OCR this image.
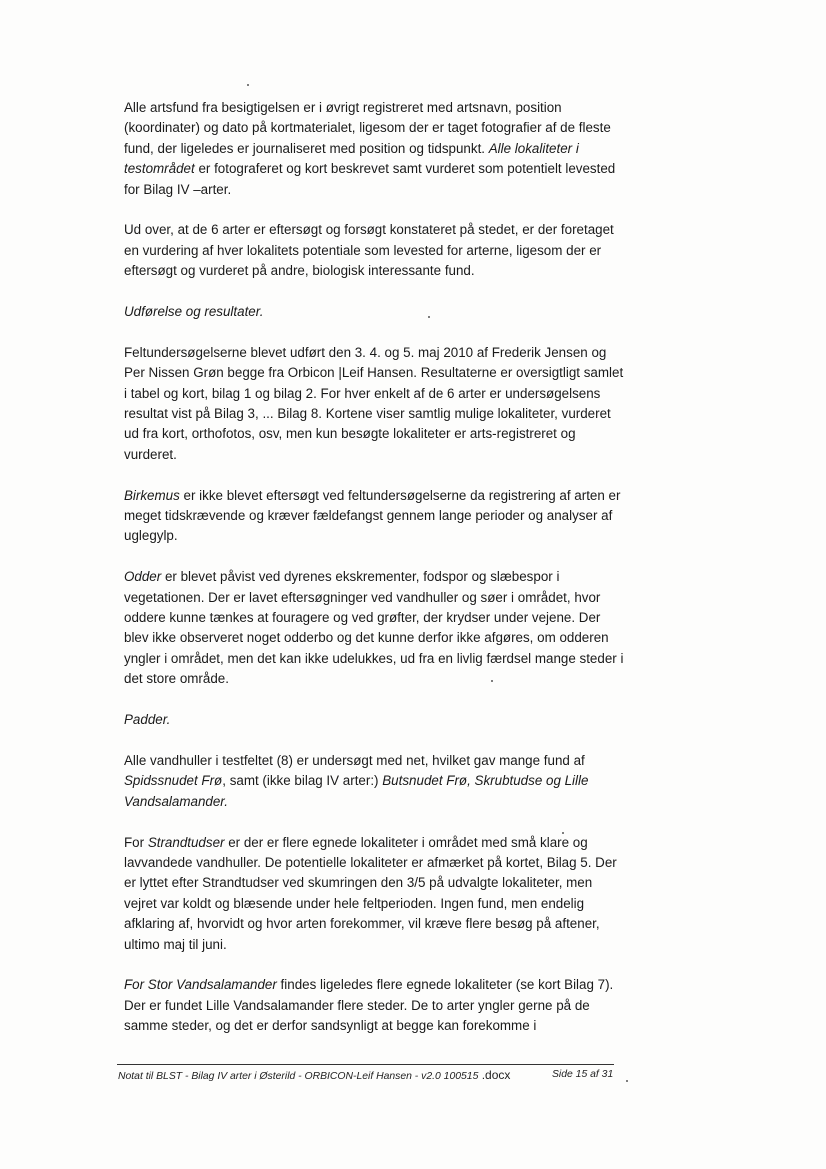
Alle artsfund fra besigtigelsen er i øvrigt registreret med artsnavn, position (koordinater) og dato på kortmaterialet, ligesom der er taget fotografier af de fleste fund, der ligeledes er journaliseret med position og tidspunkt. Alle lokaliteter i testområdet er fotograferet og kort beskrevet samt vurderet som potentielt levested for Bilag IV –arter.

Ud over, at de 6 arter er eftersøgt og forsøgt konstateret på stedet, er der foretaget en vurdering af hver lokalitets potentiale som levested for arterne, ligesom der er eftersøgt og vurderet på andre, biologisk interessante fund.

Udførelse og resultater.

Feltundersøgelserne blevet udført den 3. 4. og 5. maj 2010 af Frederik Jensen og Per Nissen Grøn begge fra Orbicon |Leif Hansen. Resultaterne er oversigtligt samlet i tabel og kort, bilag 1 og bilag 2. For hver enkelt af de 6 arter er undersøgelsens resultat vist på Bilag 3, ... Bilag 8. Kortene viser samtlig mulige lokaliteter, vurderet ud fra kort, orthofotos, osv, men kun besøgte lokaliteter er arts-registreret og vurderet.

Birkemus er ikke blevet eftersøgt ved feltundersøgelserne da registrering af arten er meget tidskrævende og kræver fældefangst gennem lange perioder og analyser af uglegylp.

Odder er blevet påvist ved dyrenes ekskrementer, fodspor og slæbespor i vegetationen. Der er lavet eftersøgninger ved vandhuller og søer i området, hvor oddere kunne tænkes at fouragere og ved grøfter, der krydser under vejene. Der blev ikke observeret noget odderbo og det kunne derfor ikke afgøres, om odderen yngler i området, men det kan ikke udelukkes, ud fra en livlig færdsel mange steder i det store område.

Padder.

Alle vandhuller i testfeltet (8) er undersøgt med net, hvilket gav mange fund af Spidssnudet Frø, samt (ikke bilag IV arter:) Butsnudet Frø, Skrubtudse og Lille Vandsalamander.

For Strandtudser er der er flere egnede lokaliteter i området med små klare og lavvandede vandhuller. De potentielle lokaliteter er afmærket på kortet, Bilag 5. Der er lyttet efter Strandtudser ved skumringen den 3/5 på udvalgte lokaliteter, men vejret var koldt og blæsende under hele feltperioden. Ingen fund, men endelig afklaring af, hvorvidt og hvor arten forekommer, vil kræve flere besøg på aftener, ultimo maj til juni.

For Stor Vandsalamander findes ligeledes flere egnede lokaliteter (se kort Bilag 7). Der er fundet Lille Vandsalamander flere steder. De to arter yngler gerne på de samme steder, og det er derfor sandsynligt at begge kan forekomme i

Notat til BLST - Bilag IV arter i Østerild - ORBICON-Leif Hansen - v2.0 100515 .docx	Side 15 af 31
